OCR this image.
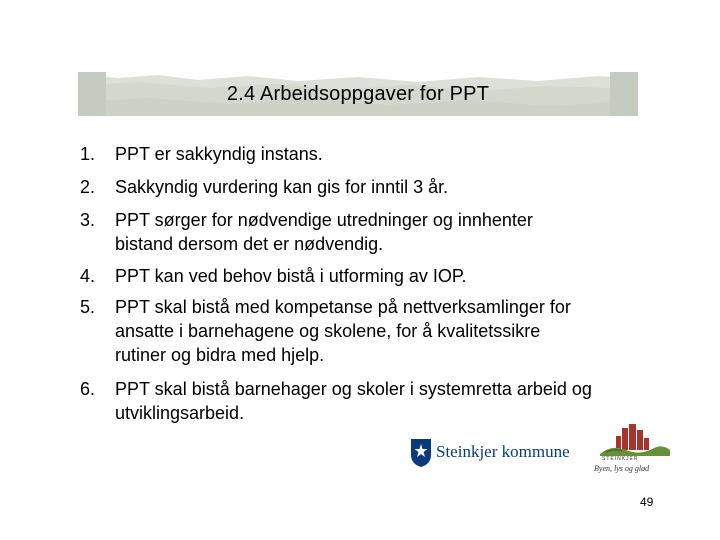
2.4 Arbeidsoppgaver for PPT
1. PPT er sakkyndig instans.
2. Sakkyndig vurdering kan gis for inntil 3 år.
3. PPT sørger for nødvendige utredninger og innhenter
bistand dersom det er nødvendig.
4. PPT kan ved behov bistå i utforming av IOP.
5. PPT skal bistå med kompetanse på nettverksamlinger for
ansatte i barnehagene og skolene, for å kvalitetssikre
rutiner og bidra med hjelp.
6. PPT skal bistå barnehager og skoler i systemretta arbeid og
utviklingsarbeid.
Steinkjer kommune	STEINKJER
Byen, lys og glød
49
